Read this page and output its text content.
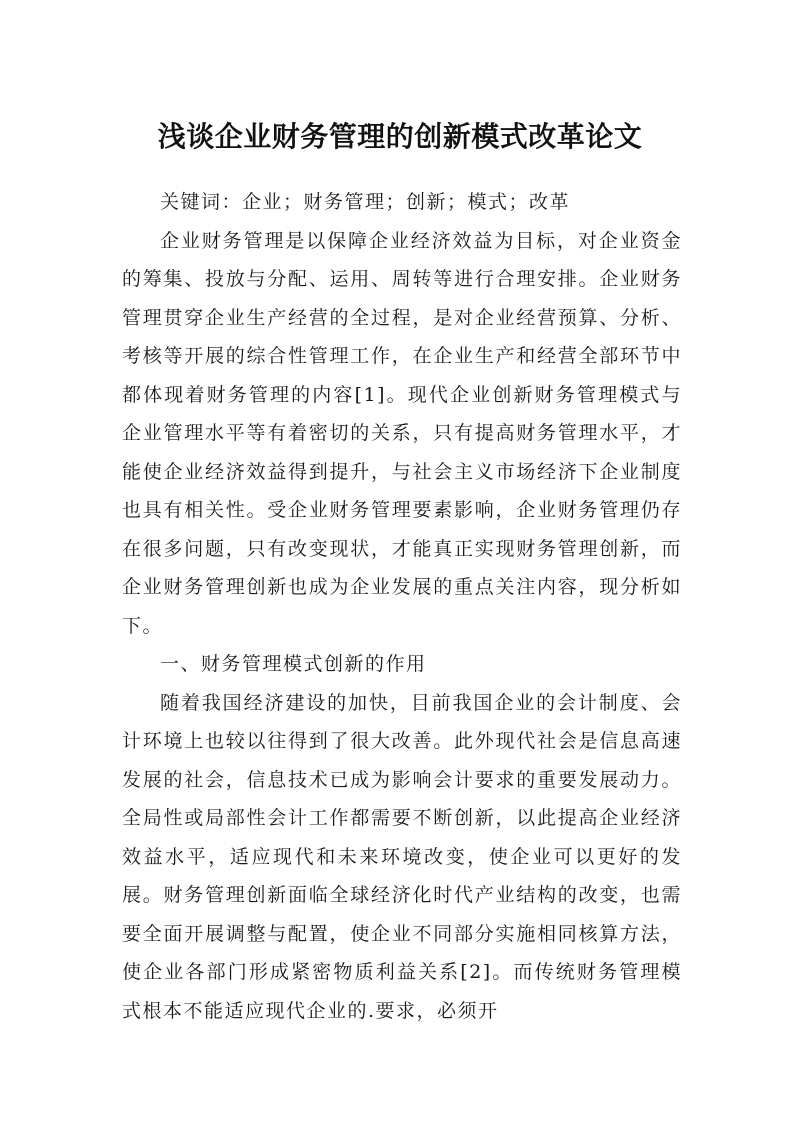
浅谈企业财务管理的创新模式改革论文

关键词：企业；财务管理；创新；模式；改革

企业财务管理是以保障企业经济效益为目标，对企业资金的筹集、投放与分配、运用、周转等进行合理安排。企业财务管理贯穿企业生产经营的全过程，是对企业经营预算、分析、考核等开展的综合性管理工作，在企业生产和经营全部环节中都体现着财务管理的内容[1]。现代企业创新财务管理模式与企业管理水平等有着密切的关系，只有提高财务管理水平，才能使企业经济效益得到提升，与社会主义市场经济下企业制度也具有相关性。受企业财务管理要素影响，企业财务管理仍存在很多问题，只有改变现状，才能真正实现财务管理创新，而企业财务管理创新也成为企业发展的重点关注内容，现分析如下。

一、财务管理模式创新的作用

随着我国经济建设的加快，目前我国企业的会计制度、会计环境上也较以往得到了很大改善。此外现代社会是信息高速发展的社会，信息技术已成为影响会计要求的重要发展动力。全局性或局部性会计工作都需要不断创新，以此提高企业经济效益水平，适应现代和未来环境改变，使企业可以更好的发展。财务管理创新面临全球经济化时代产业结构的改变，也需要全面开展调整与配置，使企业不同部分实施相同核算方法，使企业各部门形成紧密物质利益关系[2]。而传统财务管理模式根本不能适应现代企业的.要求，必须开
